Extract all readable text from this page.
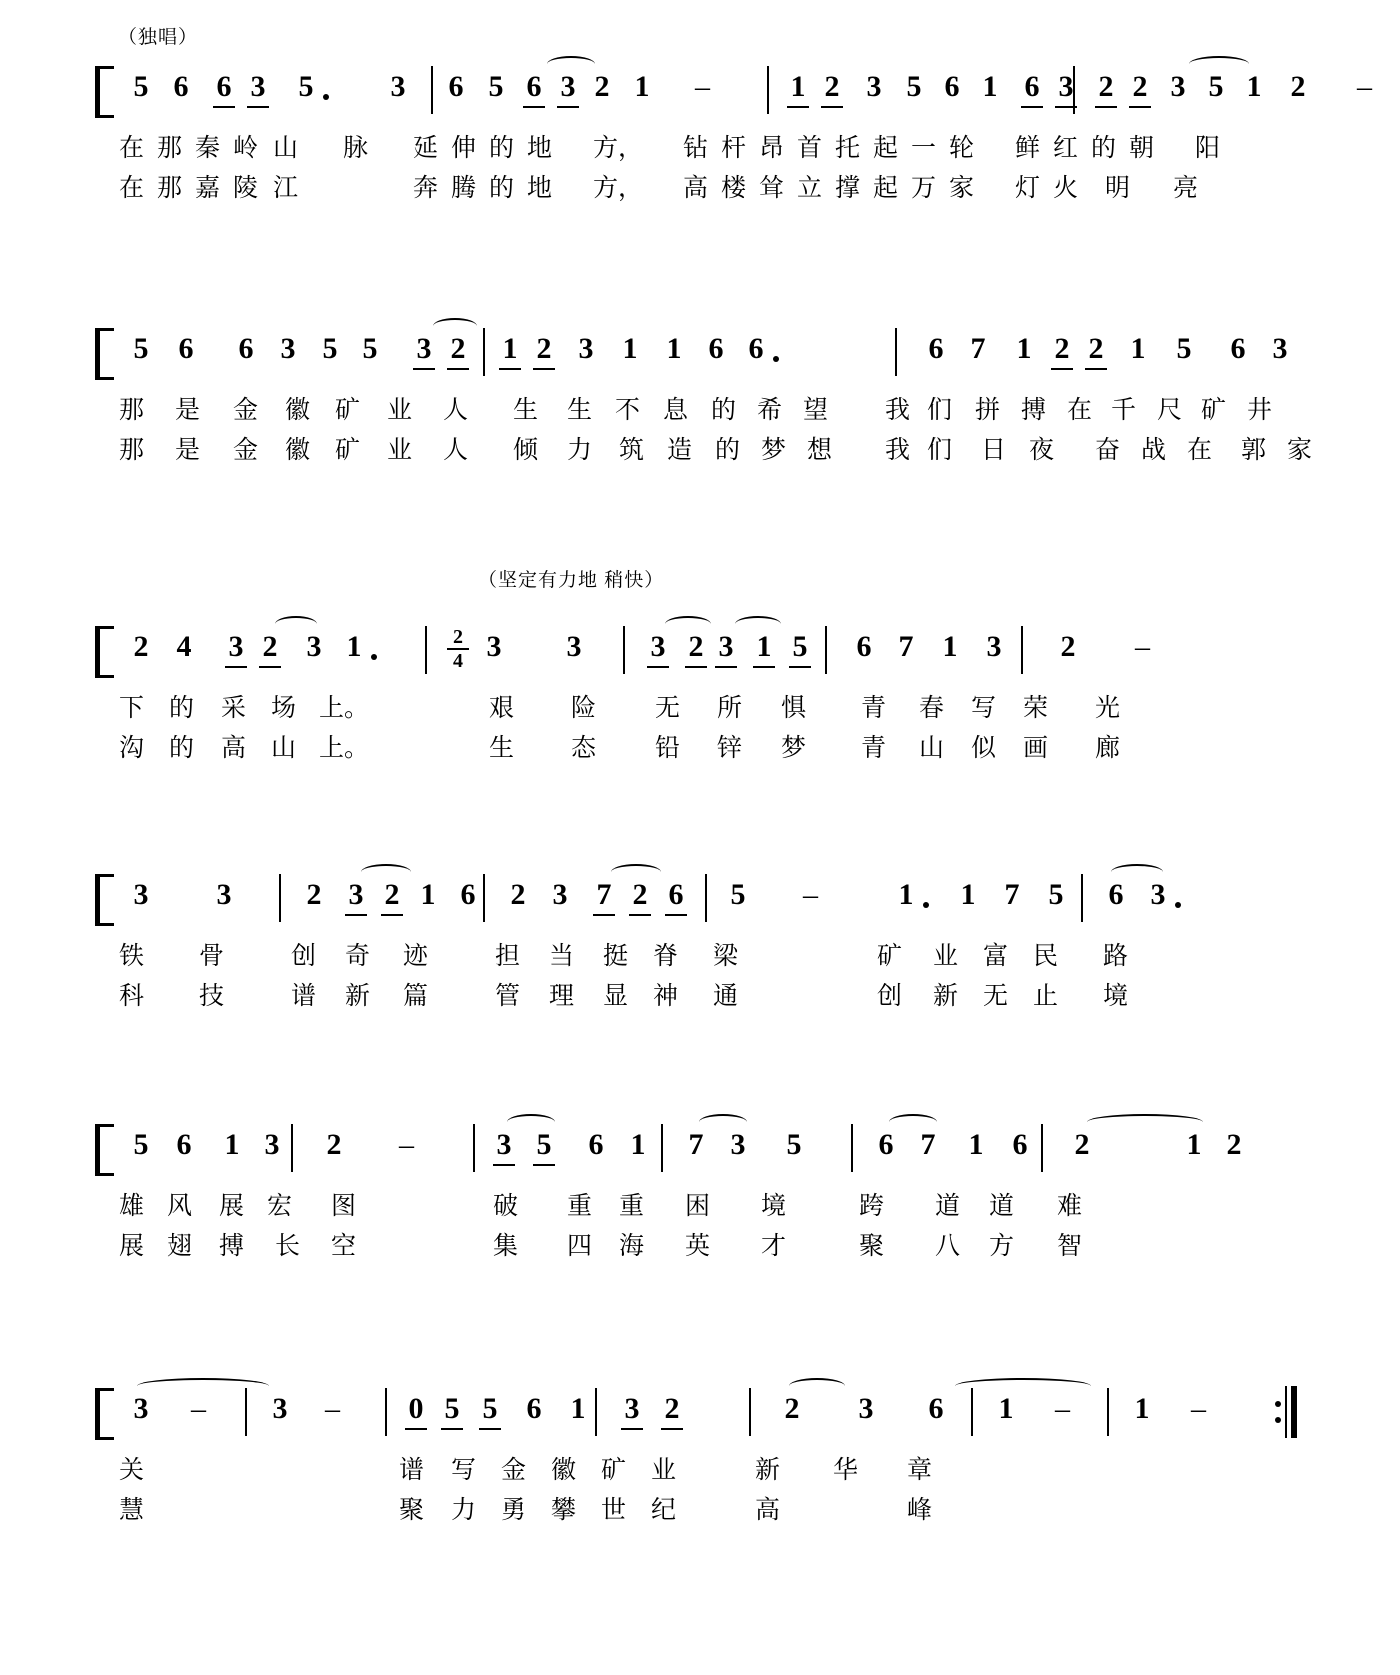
（独唱）
（坚定有力地 稍快）
5 6 6 3 5	3 6 5 6 3 2 1 –	1 2 3 5 6 1 6 3 2 2 3 5 1 2 –
在 那 秦 岭 山 脉 延 伸 的 地 方， 钻 杆 昂 首 托 起 一 轮 鲜 红 的 朝 阳
在 那 嘉 陵 江	奔 腾 的 地 方， 高 楼 耸 立 撑 起 万 家 灯 火 明 亮
5 6 6 3 5 5 3 2 1 2 3 1 1 6 6	6 7 1 2 2 1 5 6 3
那 是 金 徽 矿 业 人 生 生 不 息 的 希 望 我 们 拼 搏 在 千 尺 矿 井
那 是 金 徽 矿 业 人 倾 力 筑 造 的 梦 想 我 们 日 夜 奋 战 在 郭 家
$\frac{2}{4}$
2 4 3 2 3 1	3 3 3 2 3 1 5 6 7 1 3 2 –
下 的 采 场 上。	艰 险 无 所 惧 青 春 写 荣 光
沟 的 高 山 上。	生 态 铅 锌 梦 青 山 似 画 廊
3 3	2 3 2 1 6 2 3 7 2 6 5 –	1 1 7 5 6 3
铁 骨	创 奇 迹	担 当 挺 脊 梁	矿 业 富 民 路
科 技	谱 新 篇	管 理 显 神 通	创 新 无 止 境
5 6 1 3 2 –	3 5 6 1 7 3 5	6 7 1 6 2	1 2
雄 风 展 宏 图	破 重 重 困 境	跨 道 道 难
展 翅 搏 长 空	集 四 海 英 才	聚 八 方 智
3 – 3 – 0 5 5 6 1 3 2	2 3 6 1 – 1 –
关	谱 写 金 徽 矿 业	新 华 章
慧	聚 力 勇 攀 世 纪	高	峰
